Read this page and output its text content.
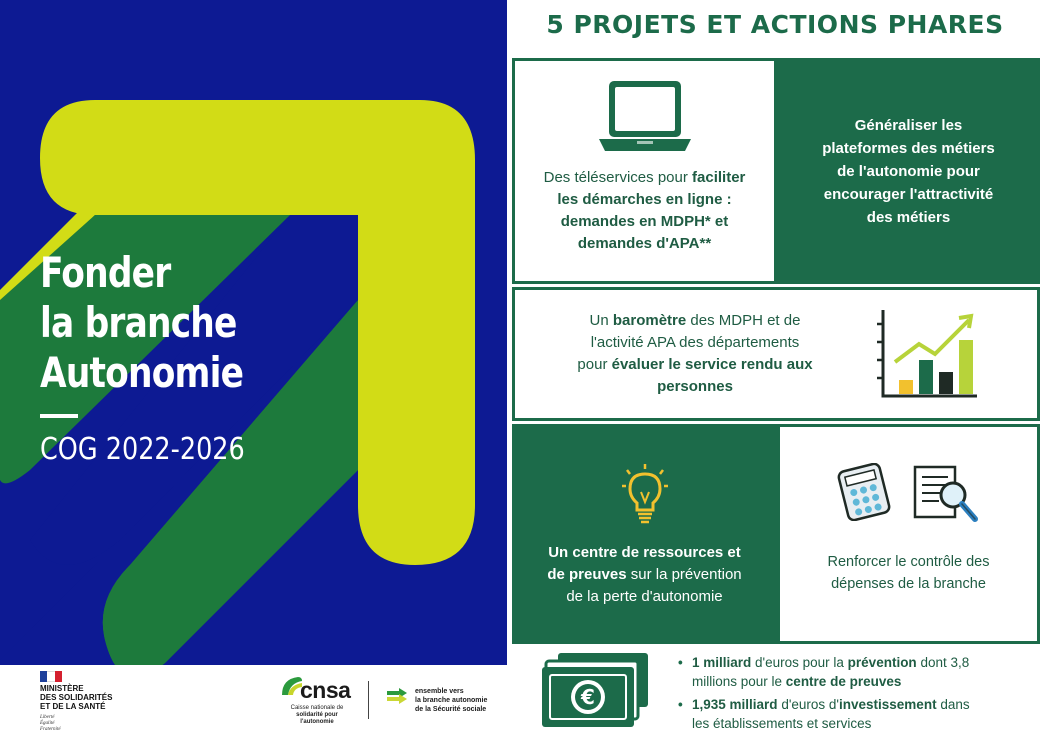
Fonder
la branche
Autonomie
COG 2022-2026
MINISTÈRE
DES SOLIDARITÉS
ET DE LA SANTÉ
Liberté
Égalité
Fraternité
cnsa
Caisse nationale de
solidarité pour l'autonomie
ensemble vers
la branche autonomie
de la Sécurité sociale
5 PROJETS ET ACTIONS PHARES
Des téléservices pour faciliter
les démarches en ligne :
demandes en MDPH* et
demandes d'APA**
Généraliser les
plateformes des métiers
de l'autonomie pour
encourager l'attractivité
des métiers
Un baromètre des MDPH et de
l'activité APA des départements
pour évaluer le service rendu aux
personnes
Un centre de ressources et
de preuves sur la prévention
de la perte d'autonomie
Renforcer le contrôle des
dépenses de la branche
€
• 1 milliard d'euros pour la prévention dont 3,8
millions pour le centre de preuves
• 1,935 milliard d'euros d'investissement dans
les établissements et services
